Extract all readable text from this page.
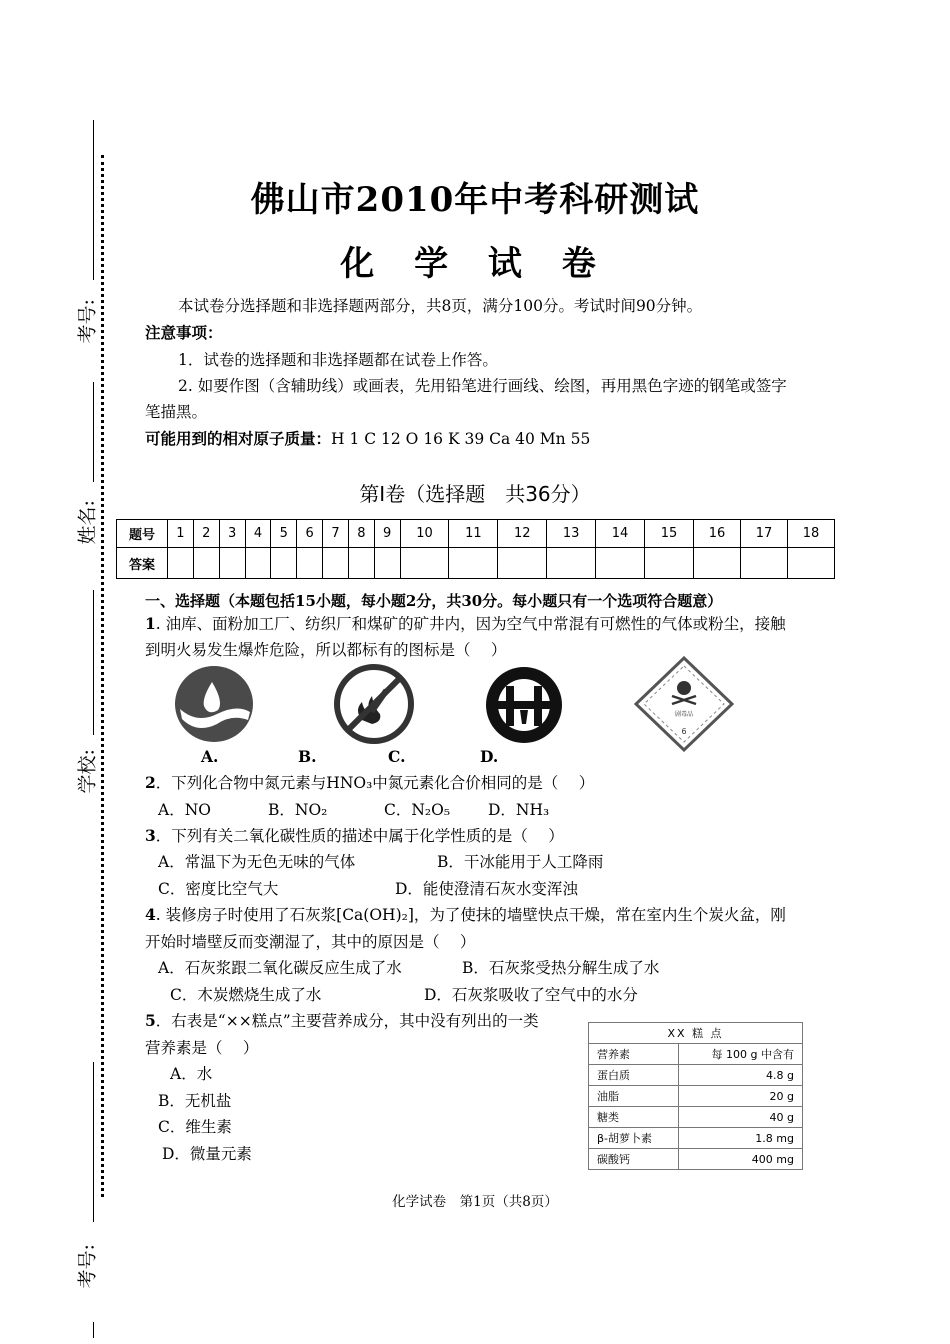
考号:
姓名:
学校:
考号:
佛山市2010年中考科研测试
化 学 试 卷
本试卷分选择题和非选择题两部分，共8页，满分100分。考试时间90分钟。
注意事项：
1．试卷的选择题和非选择题都在试卷上作答。
2. 如要作图（含辅助线）或画表，先用铅笔进行画线、绘图，再用黑色字迹的钢笔或签字
笔描黑。
可能用到的相对原子质量：H 1 C 12 O 16 K 39 Ca 40 Mn 55
第Ⅰ卷（选择题　共36分）
题号	1	2	3	4	5	6	7	8	9	10	11	12	13	14	15	16	17	18
答案																		
一、选择题（本题包括15小题，每小题2分，共30分。每小题只有一个选项符合题意）
1. 油库、面粉加工厂、纺织厂和煤矿的矿井内，因为空气中常混有可燃性的气体或粉尘，接触
到明火易发生爆炸危险，所以都标有的图标是（　 ）
剧毒品
6
A.	B.	C.	D.
2．下列化合物中氮元素与HNO₃中氮元素化合价相同的是（　 ）
A．NO	B．NO₂	C．N₂O₅ D．NH₃
3．下列有关二氧化碳性质的描述中属于化学性质的是（　 ）
A．常温下为无色无味的气体	B．干冰能用于人工降雨
C．密度比空气大	D．能使澄清石灰水变浑浊
4. 装修房子时使用了石灰浆[Ca(OH)₂]，为了使抹的墙壁快点干燥，常在室内生个炭火盆，刚
开始时墙壁反而变潮湿了，其中的原因是（　 ）
A．石灰浆跟二氧化碳反应生成了水	B．石灰浆受热分解生成了水
C．木炭燃烧生成了水	D．石灰浆吸收了空气中的水分
5．右表是“××糕点”主要营养成分，其中没有列出的一类
营养素是（　 ）
A．水
B．无机盐
C．维生素
D．微量元素
XX 糕 点	
营养素	每 100 g 中含有
蛋白质	4.8 g
油脂	20 g
糖类	40 g
β-胡萝卜素	1.8 mg
碳酸钙	400 mg
化学试卷　第1页（共8页）
